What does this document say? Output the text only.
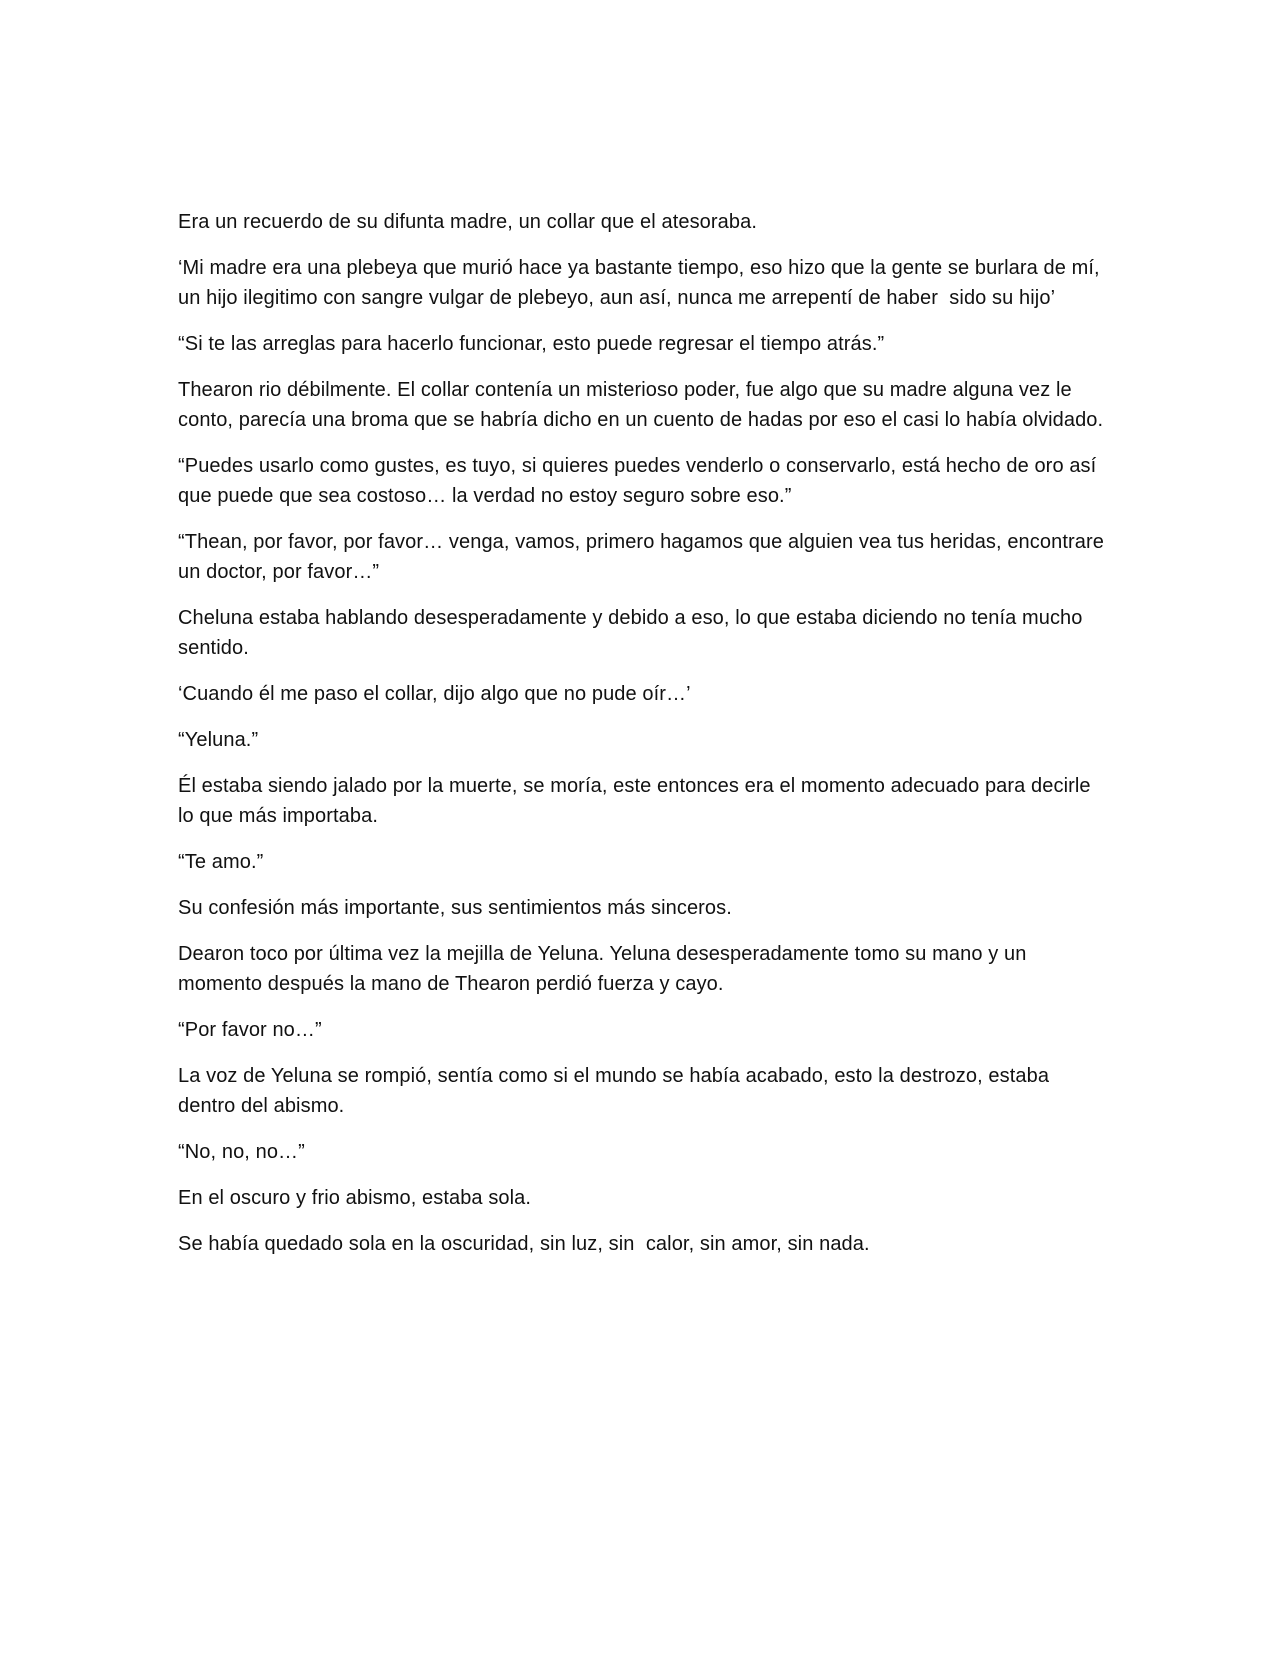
Era un recuerdo de su difunta madre, un collar que el atesoraba.

‘Mi madre era una plebeya que murió hace ya bastante tiempo, eso hizo que la gente se burlara de mí, un hijo ilegitimo con sangre vulgar de plebeyo, aun así, nunca me arrepentí de haber  sido su hijo’

“Si te las arreglas para hacerlo funcionar, esto puede regresar el tiempo atrás.”

Thearon rio débilmente. El collar contenía un misterioso poder, fue algo que su madre alguna vez le conto, parecía una broma que se habría dicho en un cuento de hadas por eso el casi lo había olvidado.

“Puedes usarlo como gustes, es tuyo, si quieres puedes venderlo o conservarlo, está hecho de oro así que puede que sea costoso… la verdad no estoy seguro sobre eso.”

“Thean, por favor, por favor… venga, vamos, primero hagamos que alguien vea tus heridas, encontrare un doctor, por favor…”

Cheluna estaba hablando desesperadamente y debido a eso, lo que estaba diciendo no tenía mucho sentido.

‘Cuando él me paso el collar, dijo algo que no pude oír…’

“Yeluna.”

Él estaba siendo jalado por la muerte, se moría, este entonces era el momento adecuado para decirle lo que más importaba.

“Te amo.”

Su confesión más importante, sus sentimientos más sinceros.

Dearon toco por última vez la mejilla de Yeluna. Yeluna desesperadamente tomo su mano y un momento después la mano de Thearon perdió fuerza y cayo.

“Por favor no…”

La voz de Yeluna se rompió, sentía como si el mundo se había acabado, esto la destrozo, estaba dentro del abismo.

“No, no, no…”

En el oscuro y frio abismo, estaba sola.

Se había quedado sola en la oscuridad, sin luz, sin  calor, sin amor, sin nada.
